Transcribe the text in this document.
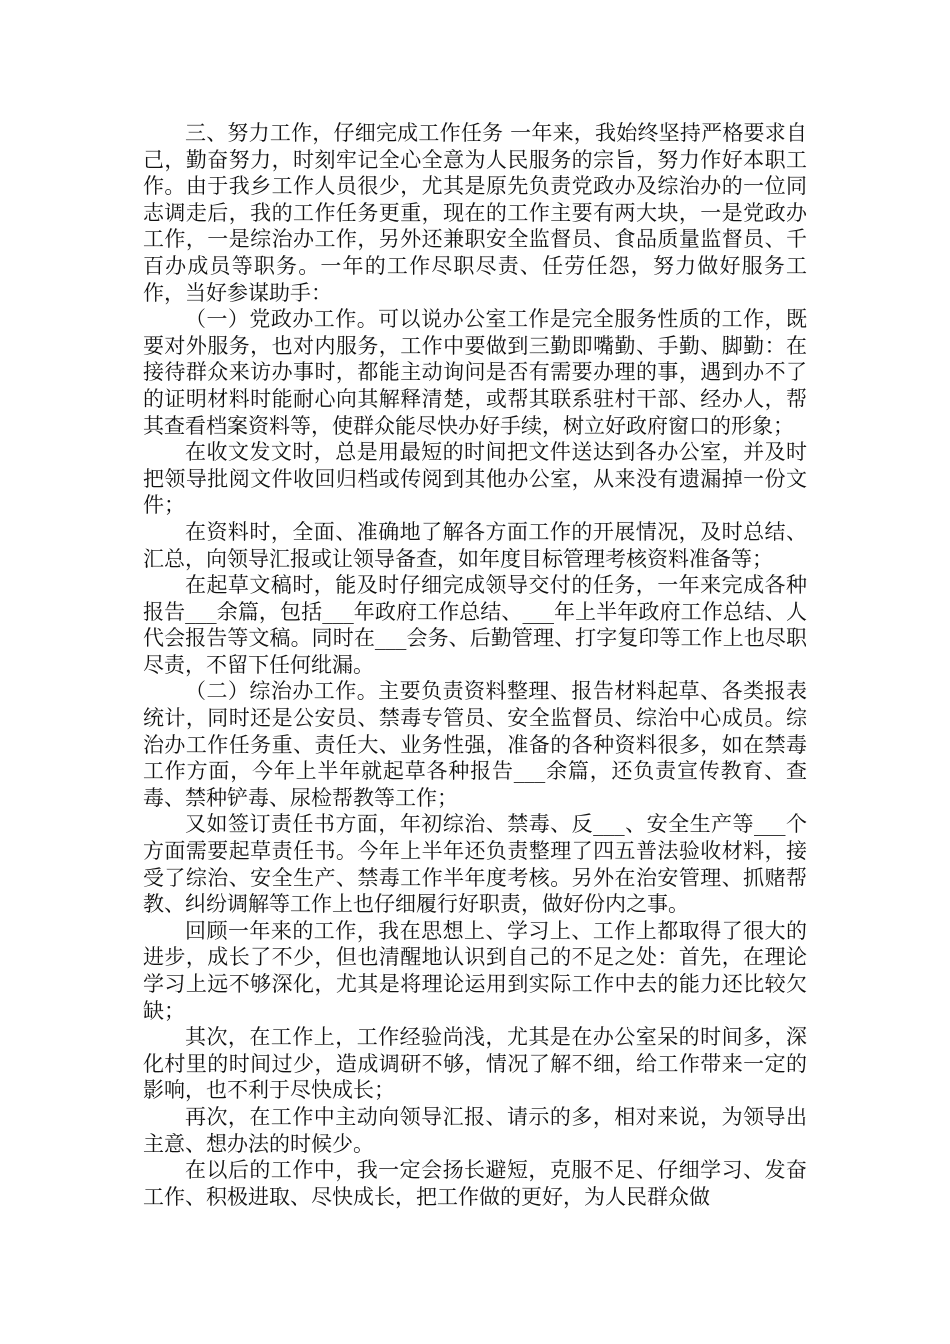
三、努力工作，仔细完成工作任务 一年来，我始终坚持严格要求自己，勤奋努力，时刻牢记全心全意为人民服务的宗旨，努力作好本职工作。由于我乡工作人员很少，尤其是原先负责党政办及综治办的一位同志调走后，我的工作任务更重，现在的工作主要有两大块，一是党政办工作，一是综治办工作，另外还兼职安全监督员、食品质量监督员、千百办成员等职务。一年的工作尽职尽责、任劳任怨，努力做好服务工作，当好参谋助手：

（一）党政办工作。可以说办公室工作是完全服务性质的工作，既要对外服务，也对内服务，工作中要做到三勤即嘴勤、手勤、脚勤：在接待群众来访办事时，都能主动询问是否有需要办理的事，遇到办不了的证明材料时能耐心向其解释清楚，或帮其联系驻村干部、经办人，帮其查看档案资料等，使群众能尽快办好手续，树立好政府窗口的形象；

在收文发文时，总是用最短的时间把文件送达到各办公室，并及时把领导批阅文件收回归档或传阅到其他办公室，从来没有遗漏掉一份文件；

在资料时，全面、准确地了解各方面工作的开展情况，及时总结、汇总，向领导汇报或让领导备查，如年度目标管理考核资料准备等；

在起草文稿时，能及时仔细完成领导交付的任务，一年来完成各种报告___余篇，包括___年政府工作总结、___年上半年政府工作总结、人代会报告等文稿。同时在___会务、后勤管理、打字复印等工作上也尽职尽责，不留下任何纰漏。

（二）综治办工作。主要负责资料整理、报告材料起草、各类报表统计，同时还是公安员、禁毒专管员、安全监督员、综治中心成员。综治办工作任务重、责任大、业务性强，准备的各种资料很多，如在禁毒工作方面，今年上半年就起草各种报告___余篇，还负责宣传教育、查毒、禁种铲毒、尿检帮教等工作；

又如签订责任书方面，年初综治、禁毒、反___、安全生产等___个方面需要起草责任书。今年上半年还负责整理了四五普法验收材料，接受了综治、安全生产、禁毒工作半年度考核。另外在治安管理、抓赌帮教、纠纷调解等工作上也仔细履行好职责，做好份内之事。

回顾一年来的工作，我在思想上、学习上、工作上都取得了很大的进步，成长了不少，但也清醒地认识到自己的不足之处：首先，在理论学习上远不够深化，尤其是将理论运用到实际工作中去的能力还比较欠缺；

其次，在工作上，工作经验尚浅，尤其是在办公室呆的时间多，深化村里的时间过少，造成调研不够，情况了解不细，给工作带来一定的影响，也不利于尽快成长；

再次，在工作中主动向领导汇报、请示的多，相对来说，为领导出主意、想办法的时候少。

在以后的工作中，我一定会扬长避短，克服不足、仔细学习、发奋工作、积极进取、尽快成长，把工作做的更好，为人民群众做
